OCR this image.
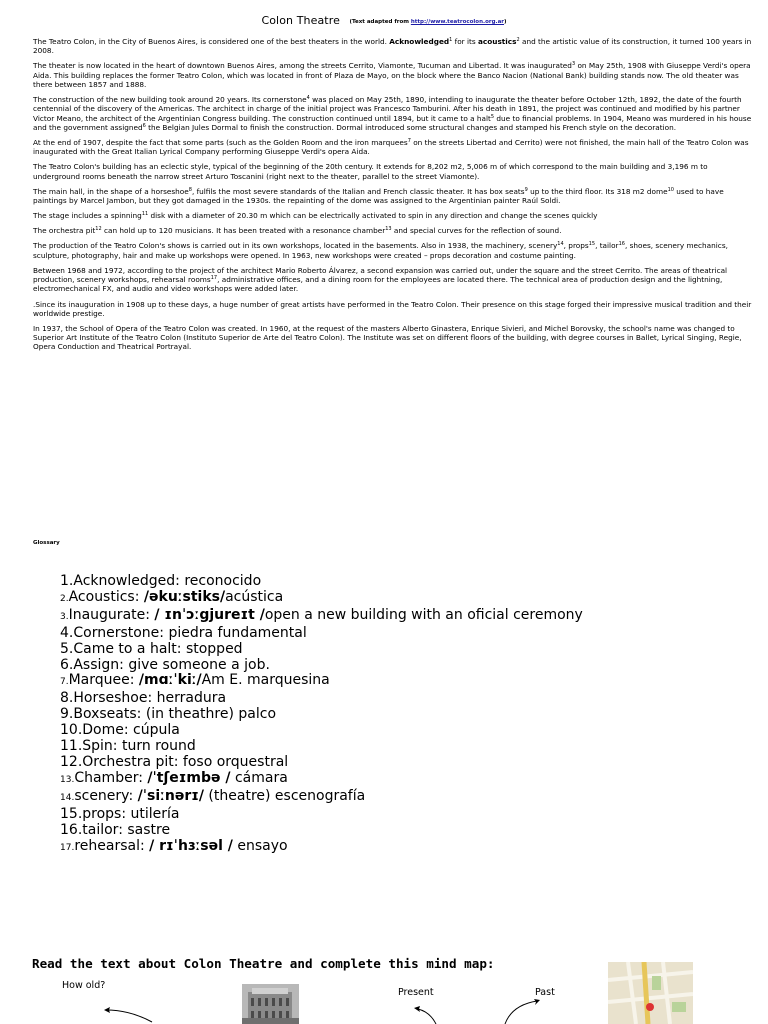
Colon Theatre (Text adapted from http://www.teatrocolon.org.ar)

The Teatro Colon, in the City of Buenos Aires, is considered one of the best theaters in the world. Acknowledged$^1$ for its acoustics$^2$ and the artistic value of its construction, it turned 100 years in 2008.

The theater is now located in the heart of downtown Buenos Aires, among the streets Cerrito, Viamonte, Tucuman and Libertad. It was inaugurated$^3$ on May 25th, 1908 with Giuseppe Verdi's opera Aida. This building replaces the former Teatro Colon, which was located in front of Plaza de Mayo, on the block where the Banco Nacion (National Bank) building stands now. The old theater was there between 1857 and 1888.

The construction of the new building took around 20 years. Its cornerstone$^4$ was placed on May 25th, 1890, intending to inaugurate the theater before October 12th, 1892, the date of the fourth centennial of the discovery of the Americas. The architect in charge of the initial project was Francesco Tamburini. After his death in 1891, the project was continued and modified by his partner Victor Meano, the architect of the Argentinian Congress building. The construction continued until 1894, but it came to a halt$^5$ due to financial problems. In 1904, Meano was murdered in his house and the government assigned$^6$ the Belgian Jules Dormal to finish the construction. Dormal introduced some structural changes and stamped his French style on the decoration.

At the end of 1907, despite the fact that some parts (such as the Golden Room and the iron marquees$^7$ on the streets Libertad and Cerrito) were not finished, the main hall of the Teatro Colon was inaugurated with the Great Italian Lyrical Company performing Giuseppe Verdi's opera Aida.

The Teatro Colon's building has an eclectic style, typical of the beginning of the 20th century. It extends for 8,202 m2, 5,006 m of which correspond to the main building and 3,196 m to underground rooms beneath the narrow street Arturo Toscanini (right next to the theater, parallel to the street Viamonte).

The main hall, in the shape of a horseshoe$^8$, fulfils the most severe standards of the Italian and French classic theater. It has box seats$^9$ up to the third floor. Its 318 m2 dome$^{10}$ used to have paintings by Marcel Jambon, but they got damaged in the 1930s. the repainting of the dome was assigned to the Argentinian painter Raúl Soldi.

The stage includes a spinning$^{11}$ disk with a diameter of 20.30 m which can be electrically activated to spin in any direction and change the scenes quickly

The orchestra pit$^{12}$ can hold up to 120 musicians. It has been treated with a resonance chamber$^{13}$ and special curves for the reflection of sound.

The production of the Teatro Colon's shows is carried out in its own workshops, located in the basements. Also in 1938, the machinery, scenery$^{14}$, props$^{15}$, tailor$^{16}$, shoes, scenery mechanics, sculpture, photography, hair and make up workshops were opened. In 1963, new workshops were created – props decoration and costume painting.

Between 1968 and 1972, according to the project of the architect Mario Roberto Álvarez, a second expansion was carried out, under the square and the street Cerrito. The areas of theatrical production, scenery workshops, rehearsal rooms$^{17}$, administrative offices, and a dining room for the employees are located there. The technical area of production design and the lightning, electromechanical FX, and audio and video workshops were added later.

.Since its inauguration in 1908 up to these days, a huge number of great artists have performed in the Teatro Colon. Their presence on this stage forged their impressive musical tradition and their worldwide prestige.

In 1937, the School of Opera of the Teatro Colon was created. In 1960, at the request of the masters Alberto Ginastera, Enrique Sivieri, and Michel Borovsky, the school's name was changed to Superior Art Institute of the Teatro Colon (Instituto Superior de Arte del Teatro Colon). The Institute was set on different floors of the building, with degree courses in Ballet, Lyrical Singing, Regie, Opera Conduction and Theatrical Portrayal.

Glossary
1.Acknowledged: reconocido
2.Acoustics: /əkuːstiks/acústica
3.Inaugurate: / ɪnˈɔːgjureɪt /open a new building with an oficial ceremony
4.Cornerstone: piedra fundamental
5.Came to a halt: stopped
6.Assign: give someone a job.
7.Marquee: /mɑːˈkiː/Am E. marquesina
8.Horseshoe: herradura
9.Boxseats: (in theathre) palco
10.Dome: cúpula
11.Spin: turn round
12.Orchestra pit: foso orquestral
13.Chamber: /ˈtʃeɪmbə / cámara
14.scenery: /ˈsiːnərɪ/ (theatre) escenografía
15.props: utilería
16.tailor: sastre
17.rehearsal: / rɪˈhɜːsəl / ensayo
Read the text about Colon Theatre and complete this mind map:
How old?
Present	Past
